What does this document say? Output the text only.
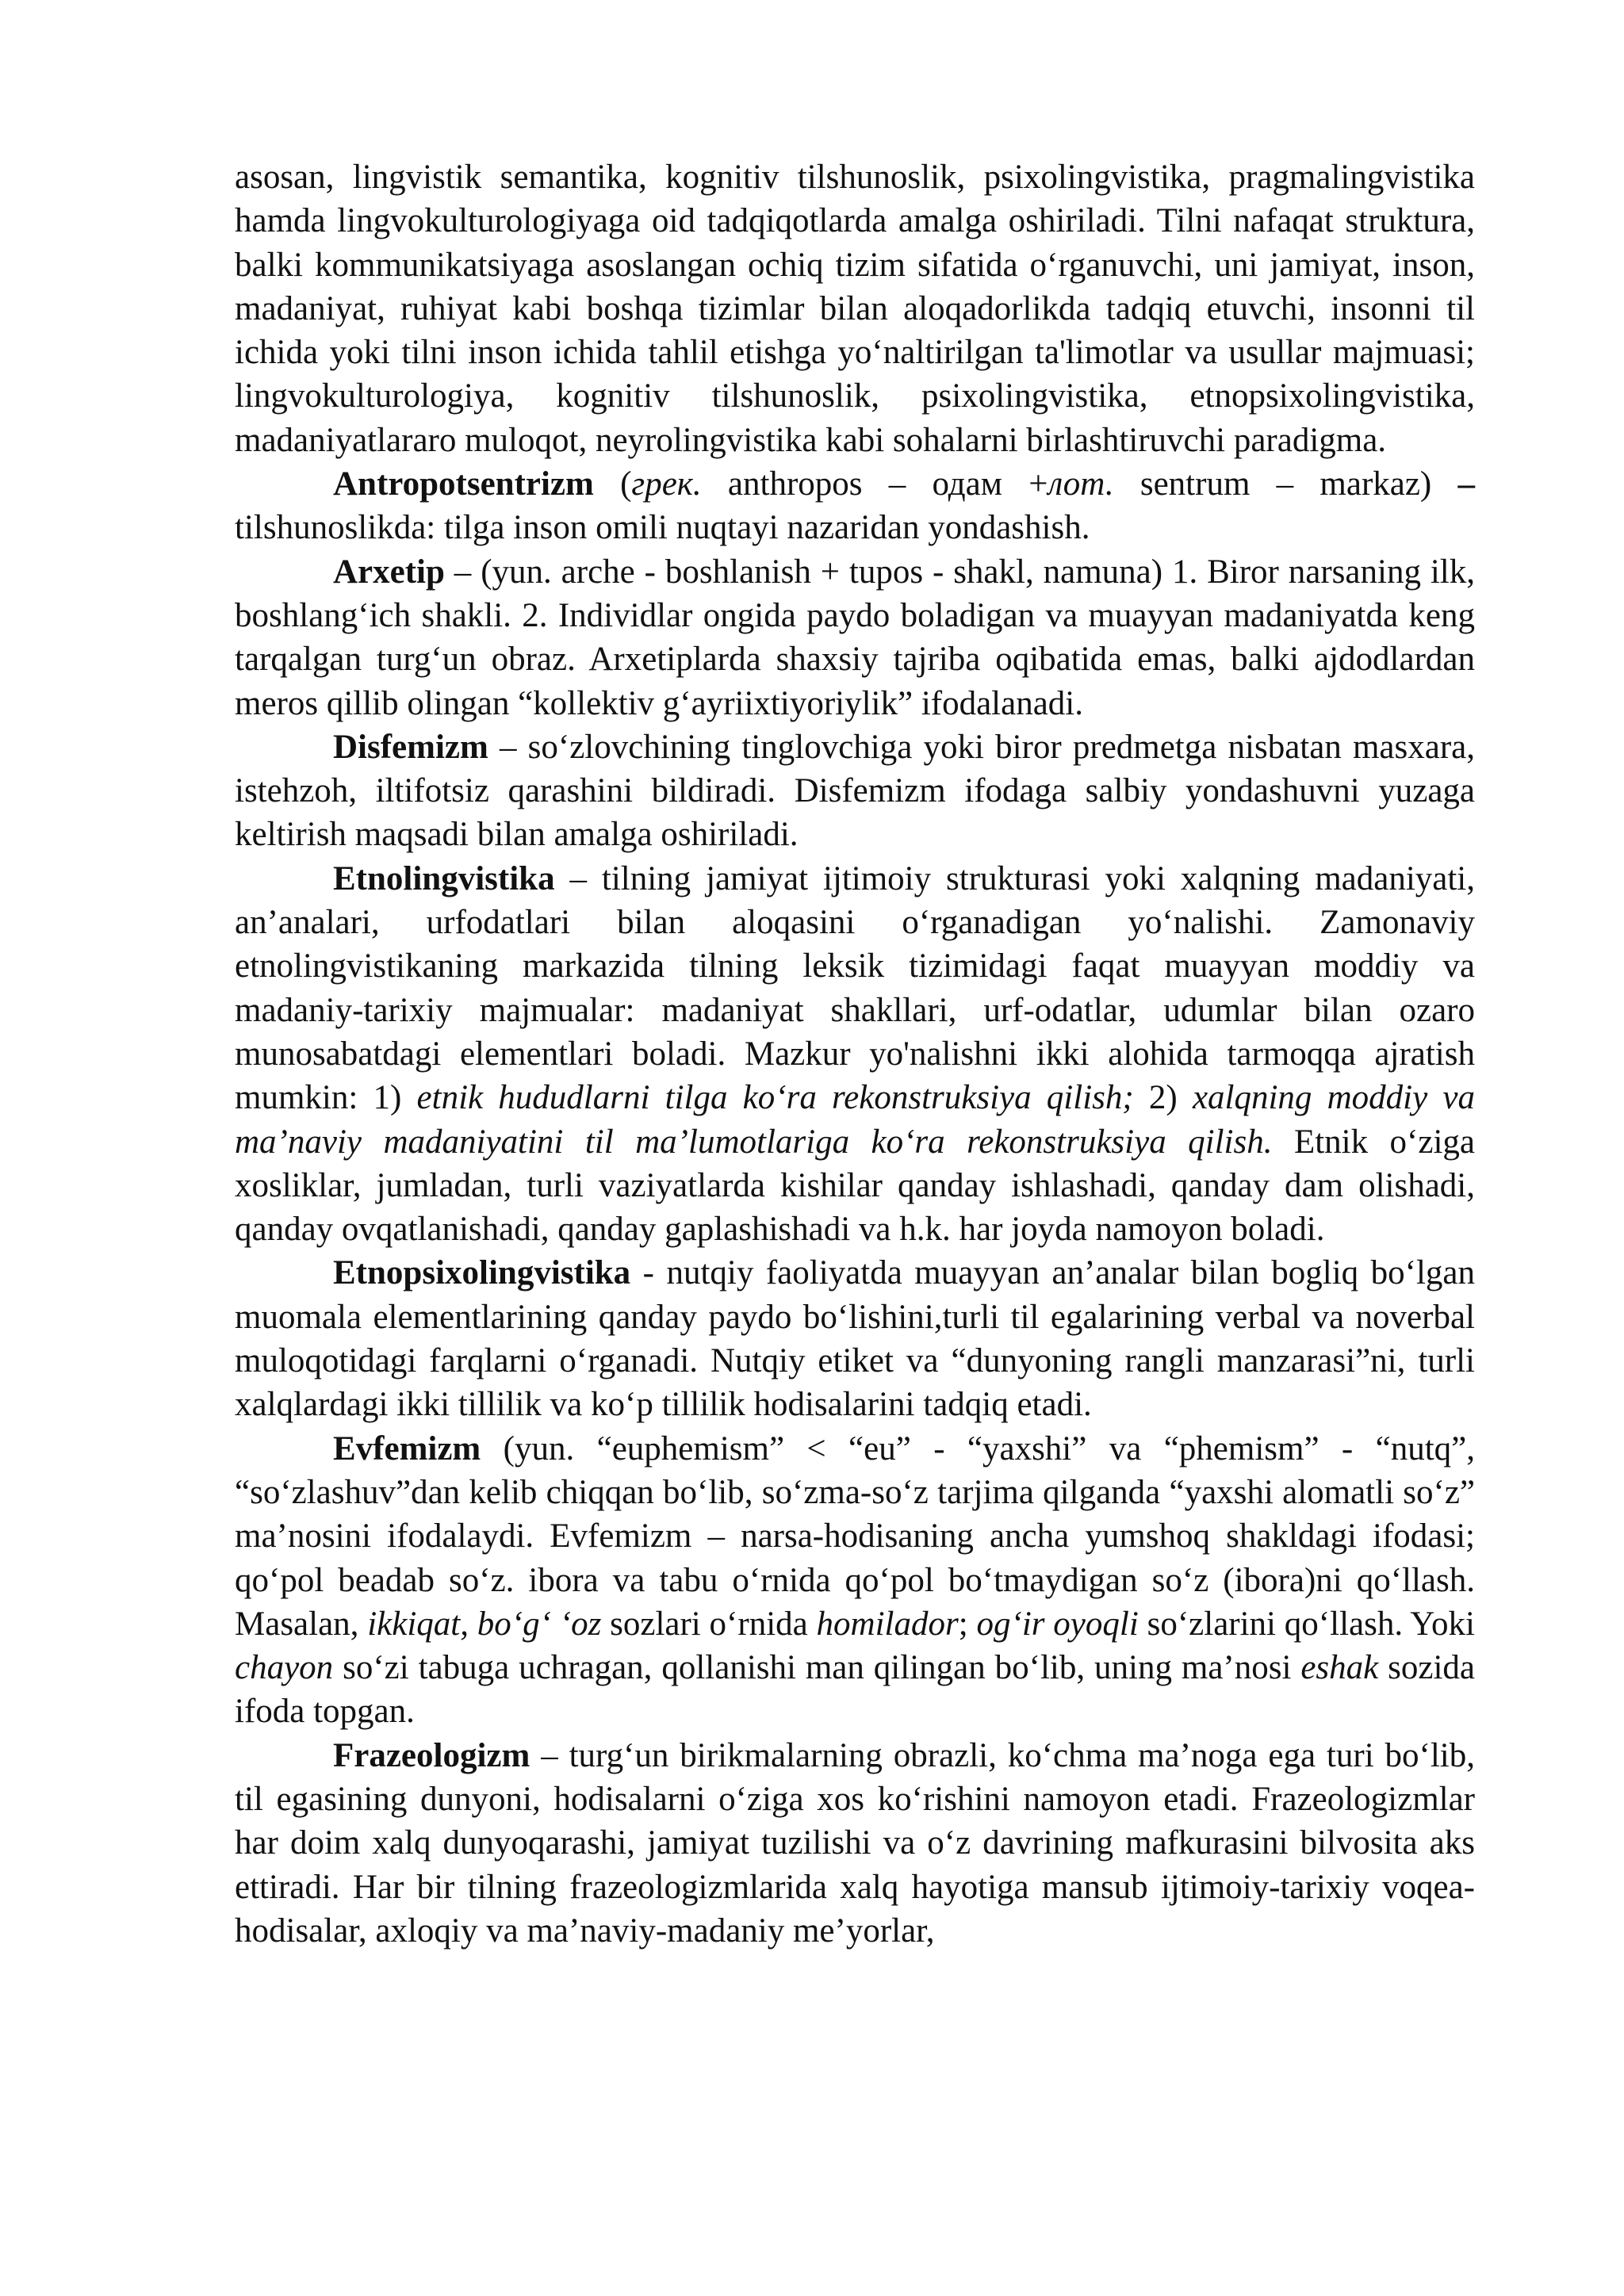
asosan, lingvistik semantika, kognitiv tilshunoslik, psixolingvistika, pragmalingvistika hamda lingvokulturologiyaga oid tadqiqotlarda amalga oshiriladi. Tilni nafaqat struktura, balki kommunikatsiyaga asoslangan ochiq tizim sifatida oʻrganuvchi, uni jamiyat, inson, madaniyat, ruhiyat kabi boshqa tizimlar bilan aloqadorlikda tadqiq etuvchi, insonni til ichida yoki tilni inson ichida tahlil etishga yoʻnaltirilgan ta'limotlar va usullar majmuasi; lingvokulturologiya, kognitiv tilshunoslik, psixolingvistika, etnopsixolingvistika, madaniyatlararo muloqot, neyrolingvistika kabi sohalarni birlashtiruvchi paradigma.

Antropotsentrizm (грек. anthropos – одам +лот. sentrum – markaz) – tilshunoslikda: tilga inson omili nuqtayi nazaridan yondashish.

Arxetip – (yun. arche - boshlanish + tupos - shakl, namuna) 1. Biror narsaning ilk, boshlangʻich shakli. 2. Individlar ongida paydo boladigan va muayyan madaniyatda keng tarqalgan turgʻun obraz. Arxetiplarda shaxsiy tajriba oqibatida emas, balki ajdodlardan meros qillib olingan “kollektiv gʻayriixtiyoriylik” ifodalanadi.

Disfemizm – soʻzlovchining tinglovchiga yoki biror predmetga nisbatan masxara, istehzoh, iltifotsiz qarashini bildiradi. Disfemizm ifodaga salbiy yondashuvni yuzaga keltirish maqsadi bilan amalga oshiriladi.

Etnolingvistika – tilning jamiyat ijtimoiy strukturasi yoki xalqning madaniyati, an’analari, urfodatlari bilan aloqasini oʻrganadigan yoʻnalishi. Zamonaviy etnolingvistikaning markazida tilning leksik tizimidagi faqat muayyan moddiy va madaniy-tarixiy majmualar: madaniyat shakllari, urf-odatlar, udumlar bilan ozaro munosabatdagi elementlari boladi. Mazkur yo'nalishni ikki alohida tarmoqqa ajratish mumkin: 1) etnik hududlarni tilga koʻra rekonstruksiya qilish; 2) xalqning moddiy va ma’naviy madaniyatini til ma’lumotlariga koʻra rekonstruksiya qilish. Etnik oʻziga xosliklar, jumladan, turli vaziyatlarda kishilar qanday ishlashadi, qanday dam olishadi, qanday ovqatlanishadi, qanday gaplashishadi va h.k. har joyda namoyon boladi.

Etnopsixolingvistika - nutqiy faoliyatda muayyan an’analar bilan bogliq boʻlgan muomala elementlarining qanday paydo boʻlishini,turli til egalarining verbal va noverbal muloqotidagi farqlarni oʻrganadi. Nutqiy etiket va “dunyoning rangli manzarasi”ni, turli xalqlardagi ikki tillilik va koʻp tillilik hodisalarini tadqiq etadi.

Evfemizm (yun. “euphemism” < “eu” - “yaxshi” va “phemism” - “nutq”, “soʻzlashuv”dan kelib chiqqan boʻlib, soʻzma-soʻz tarjima qilganda “yaxshi alomatli soʻz” ma’nosini ifodalaydi. Evfemizm – narsa-hodisaning ancha yumshoq shakldagi ifodasi; qoʻpol beadab soʻz. ibora va tabu oʻrnida qoʻpol boʻtmaydigan soʻz (ibora)ni qoʻllash. Masalan, ikkiqat, boʻgʻ ʻoz sozlari oʻrnida homilador; ogʻir oyoqli soʻzlarini qoʻllash. Yoki chayon soʻzi tabuga uchragan, qollanishi man qilingan boʻlib, uning ma’nosi eshak sozida ifoda topgan.

Frazeologizm – turgʻun birikmalarning obrazli, koʻchma ma’noga ega turi boʻlib, til egasining dunyoni, hodisalarni oʻziga xos koʻrishini namoyon etadi. Frazeologizmlar har doim xalq dunyoqarashi, jamiyat tuzilishi va oʻz davrining mafkurasini bilvosita aks ettiradi. Har bir tilning frazeologizmlarida xalq hayotiga mansub ijtimoiy-tarixiy voqea-hodisalar, axloqiy va ma’naviy-madaniy me’yorlar,
